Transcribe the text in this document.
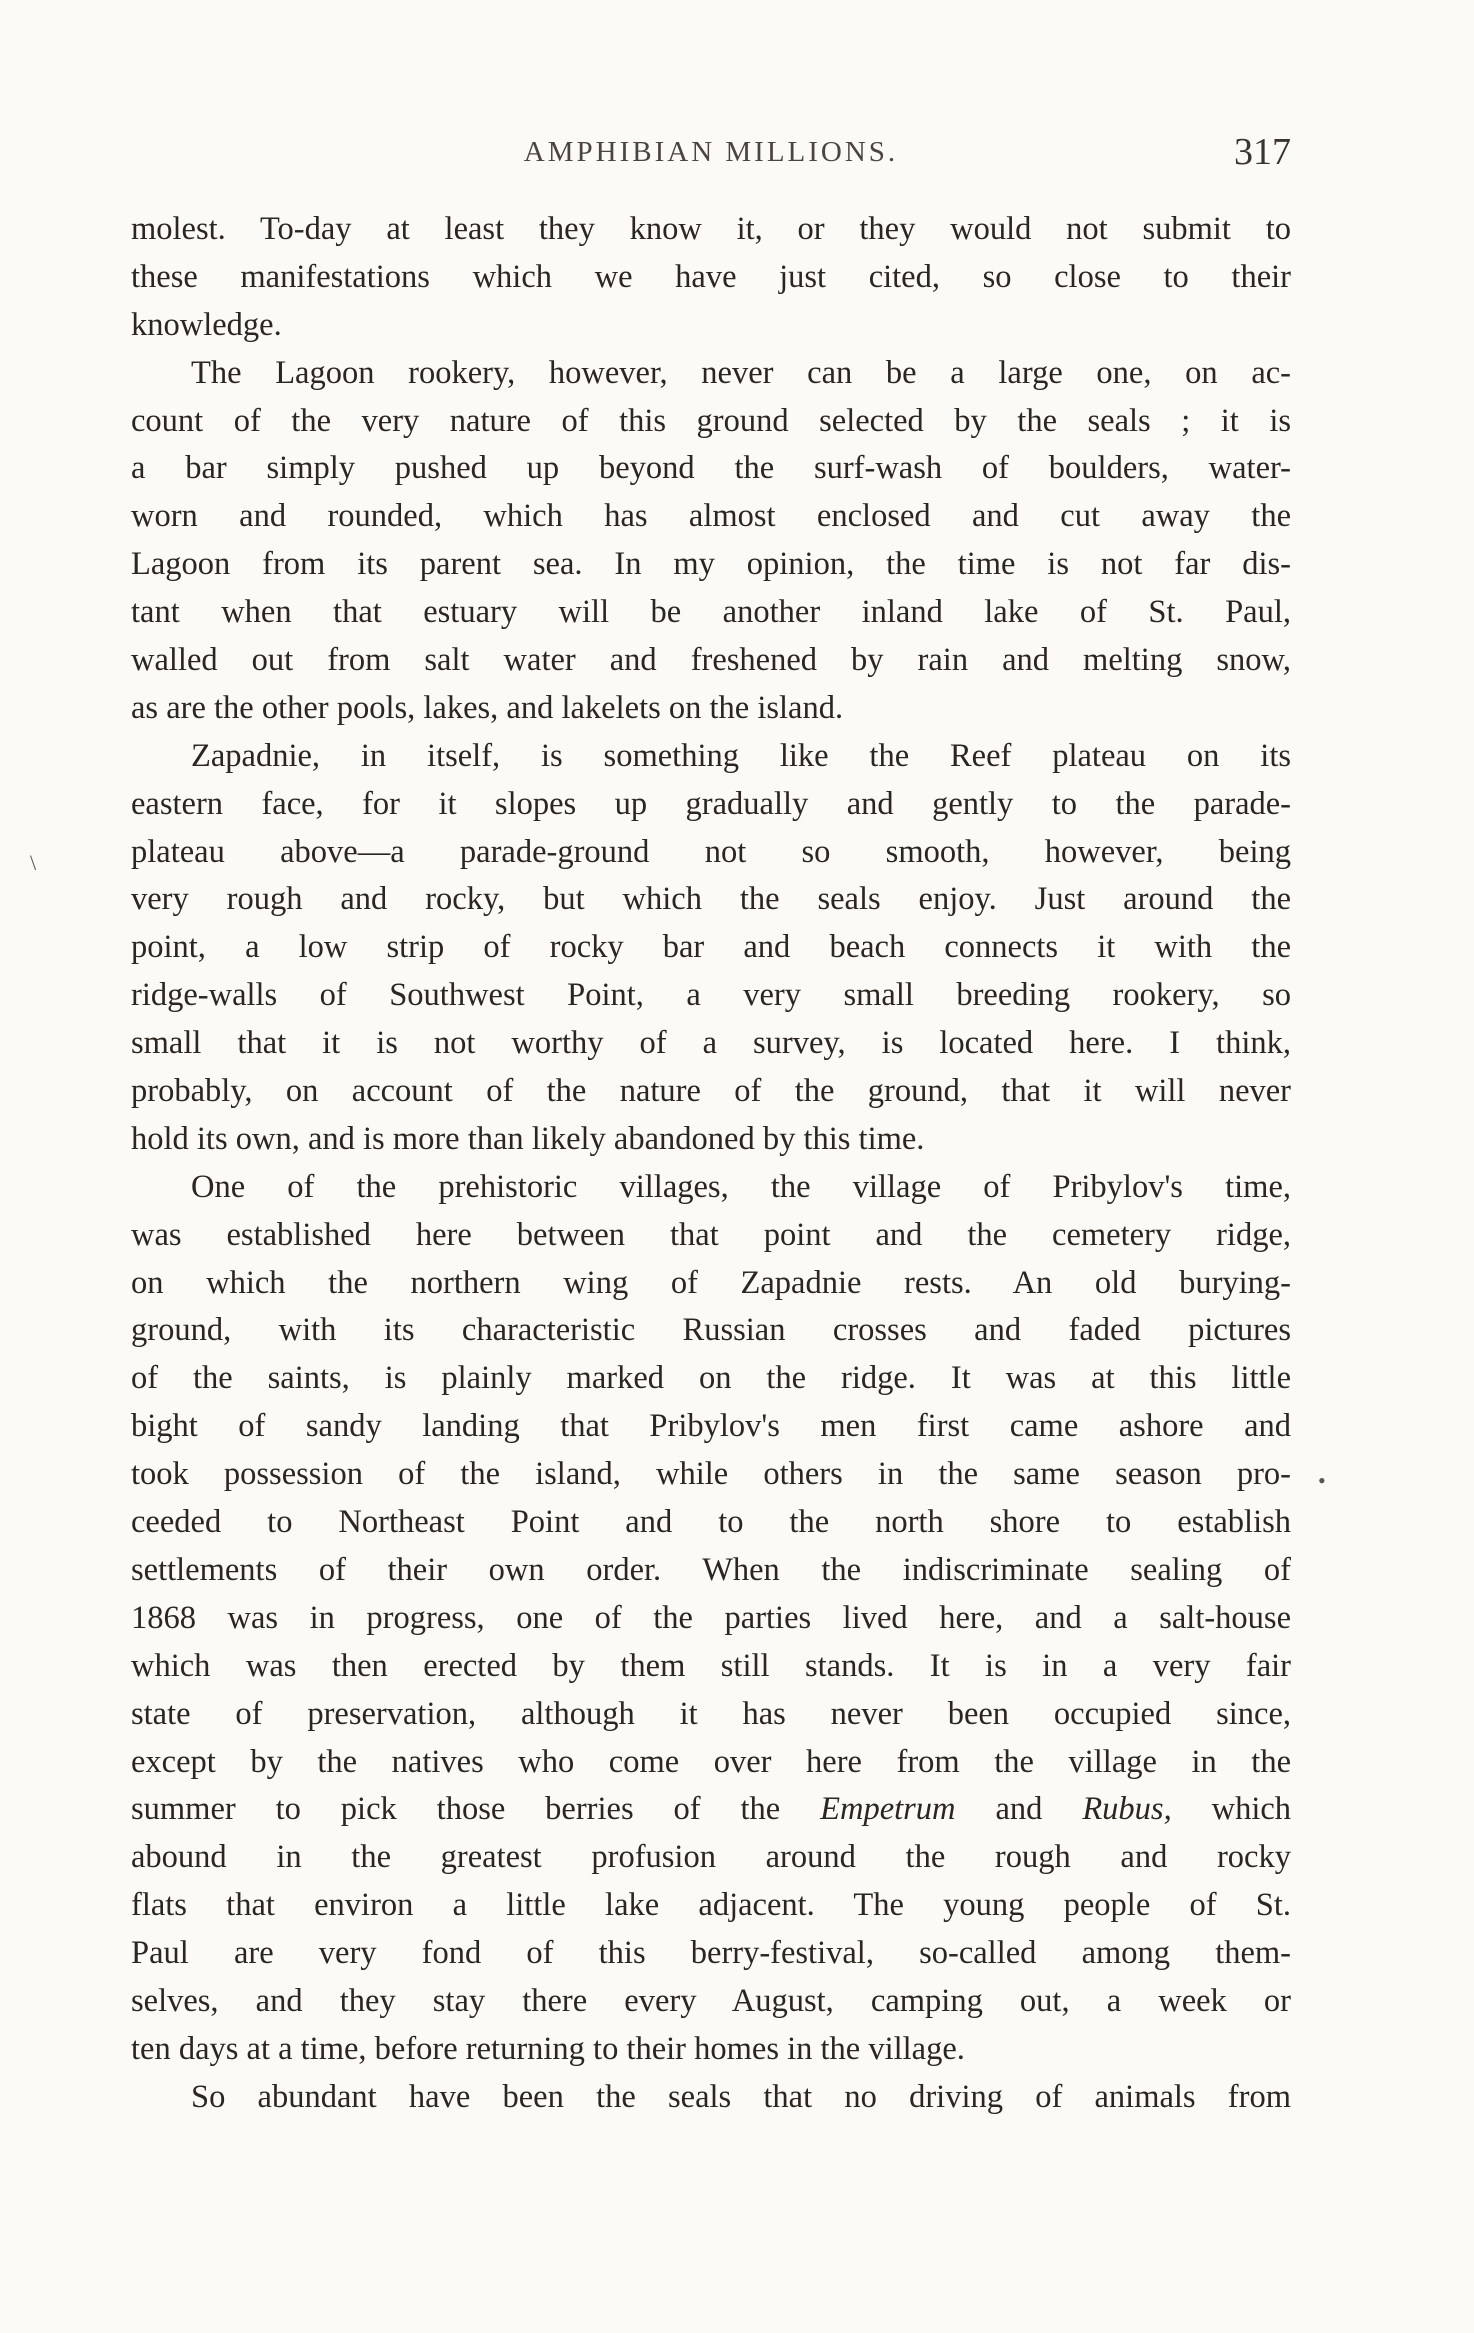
\
•
AMPHIBIAN MILLIONS.	317
molest. To-day at least they know it, or they would not submit to
these manifestations which we have just cited, so close to their
knowledge.
The Lagoon rookery, however, never can be a large one, on ac-
count of the very nature of this ground selected by the seals ; it is
a bar simply pushed up beyond the surf-wash of boulders, water-
worn and rounded, which has almost enclosed and cut away the
Lagoon from its parent sea. In my opinion, the time is not far dis-
tant when that estuary will be another inland lake of St. Paul,
walled out from salt water and freshened by rain and melting snow,
as are the other pools, lakes, and lakelets on the island.
Zapadnie, in itself, is something like the Reef plateau on its
eastern face, for it slopes up gradually and gently to the parade-
plateau above—a parade-ground not so smooth, however, being
very rough and rocky, but which the seals enjoy. Just around the
point, a low strip of rocky bar and beach connects it with the
ridge-walls of Southwest Point, a very small breeding rookery, so
small that it is not worthy of a survey, is located here. I think,
probably, on account of the nature of the ground, that it will never
hold its own, and is more than likely abandoned by this time.
One of the prehistoric villages, the village of Pribylov's time,
was established here between that point and the cemetery ridge,
on which the northern wing of Zapadnie rests. An old burying-
ground, with its characteristic Russian crosses and faded pictures
of the saints, is plainly marked on the ridge. It was at this little
bight of sandy landing that Pribylov's men first came ashore and
took possession of the island, while others in the same season pro-
ceeded to Northeast Point and to the north shore to establish
settlements of their own order. When the indiscriminate sealing of
1868 was in progress, one of the parties lived here, and a salt-house
which was then erected by them still stands. It is in a very fair
state of preservation, although it has never been occupied since,
except by the natives who come over here from the village in the
summer to pick those berries of the Empetrum and Rubus, which
abound in the greatest profusion around the rough and rocky
flats that environ a little lake adjacent. The young people of St.
Paul are very fond of this berry-festival, so-called among them-
selves, and they stay there every August, camping out, a week or
ten days at a time, before returning to their homes in the village.
So abundant have been the seals that no driving of animals from
